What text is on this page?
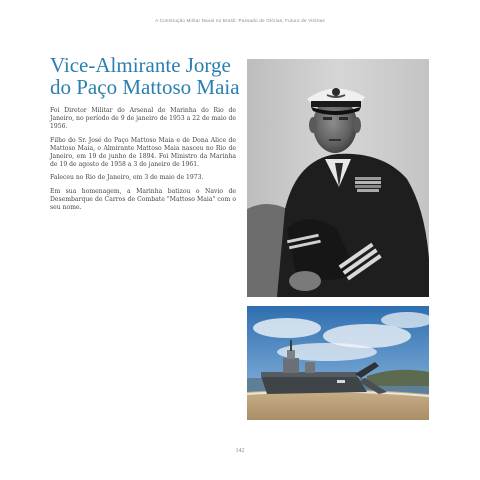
A Construção Militar Naval no Brasil: Passado de Glórias, Futuro de Vitórias
Vice-Almirante Jorge
do Paço Mattoso Maia

Foi Diretor Militar do Arsenal de Marinha do Rio de Janeiro, no período de 9 de janeiro de 1953 a 22 de maio de 1956.

Filho do Sr. José do Paço Mattoso Maia e de Dona Alice de Mattoso Maia, o Almirante Mattoso Maia nasceu no Rio de Janeiro, em 19 de junho de 1894. Foi Ministro da Marinha de 19 de agosto de 1958 a 3 de janeiro de 1961.

Faleceu no Rio de Janeiro, em 3 de maio de 1973.

Em sua homenagem, a Marinha batizou o Navio de Desembarque de Carros de Combate "Mattoso Maia" com o seu nome.

142
